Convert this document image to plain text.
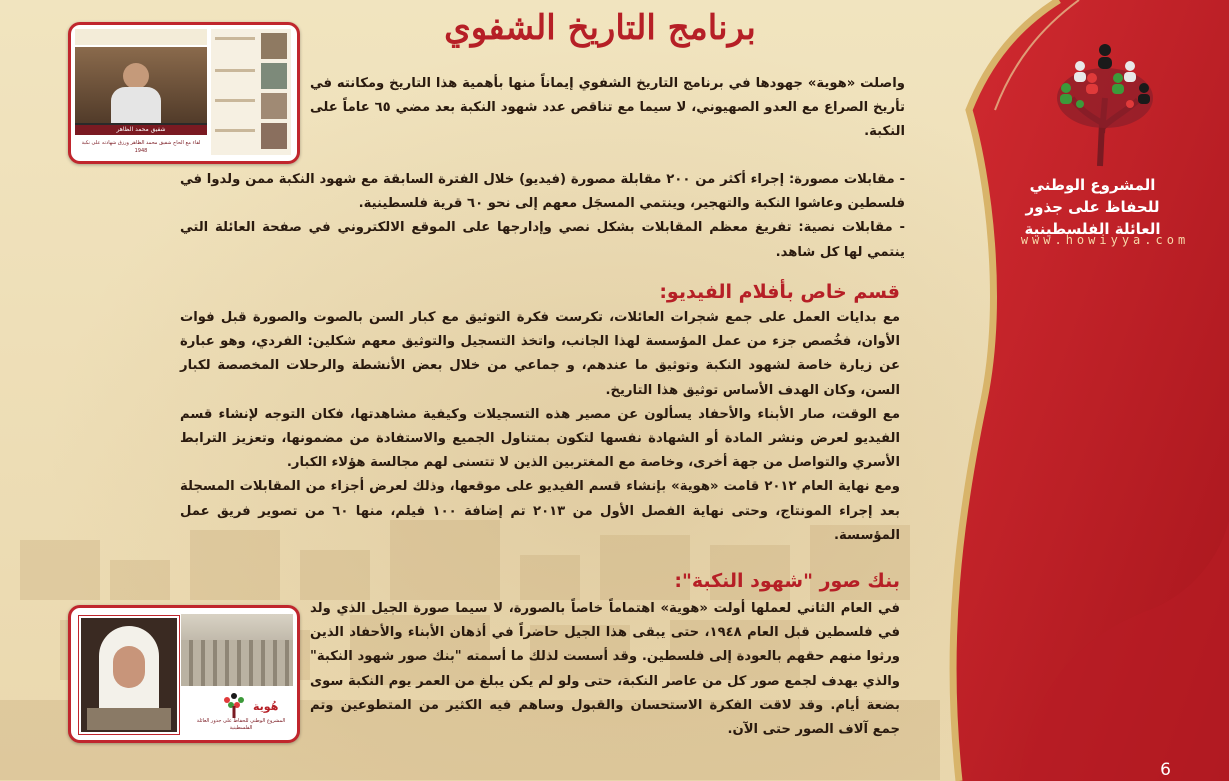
المشروع الوطني للحفاظ على جذور العائلة الفلسطينية
www.howiyya.com
برنامج التاريخ الشفوي
شفيق محمد الظاهر
لقاء مع الحاج شفيق محمد الظاهر ورزق شهادته على نكبة 1948

واصلت «هوية» جهودها في برنامج التاريخ الشفوي إيماناً منها بأهمية هذا التاريخ ومكانته في تأريخ الصراع مع العدو الصهيوني، لا سيما مع تناقص عدد شهود النكبة بعد مضي ٦٥ عاماً على النكبة.

- مقابلات مصورة: إجراء أكثر من ٢٠٠ مقابلة مصورة (فيديو) خلال الفترة السابقة مع شهود النكبة ممن ولدوا في فلسطين وعاشوا النكبة والتهجير، وينتمي المسجَل معهم إلى نحو ٦٠ قرية فلسطينية.

- مقابلات نصية: تفريغ معظم المقابلات بشكل نصي وإدارجها على الموقع الالكتروني في صفحة العائلة التي ينتمي لها كل شاهد.

قسم خاص بأفلام الفيديو:

مع بدايات العمل على جمع شجرات العائلات، تكرست فكرة التوثيق مع كبار السن بالصوت والصورة قبل فوات الأوان، فخُصص جزء من عمل المؤسسة لهذا الجانب، واتخذ التسجيل والتوثيق معهم شكلين: الفردي، وهو عبارة عن زيارة خاصة لشهود النكبة وتوثيق ما عندهم، و جماعي من خلال بعض الأنشطة والرحلات المخصصة لكبار السن، وكان الهدف الأساس توثيق هذا التاريخ.

مع الوقت، صار الأبناء والأحفاد يسألون عن مصير هذه التسجيلات وكيفية مشاهدتها، فكان التوجه لإنشاء قسم الفيديو لعرض ونشر المادة أو الشهادة نفسها لتكون بمتناول الجميع والاستفادة من مضمونها، وتعزيز الترابط الأسري والتواصل من جهة أخرى، وخاصة مع المغتربين الذين لا تتسنى لهم مجالسة هؤلاء الكبار.

ومع نهاية العام ٢٠١٢ قامت «هوية» بإنشاء قسم الفيديو على موقعها، وذلك لعرض أجزاء من المقابلات المسجلة بعد إجراء المونتاج، وحتى نهاية الفصل الأول من ٢٠١٣ تم إضافة ١٠٠ فيلم، منها ٦٠ من تصوير فريق عمل المؤسسة.

بنك صور "شهود النكبة":

في العام الثاني لعملها أولت «هوية» اهتماماً خاصاً بالصورة، لا سيما صورة الجيل الذي ولد في فلسطين قبل العام ١٩٤٨، حتى يبقى هذا الجيل حاضراً في أذهان الأبناء والأحفاد الذين ورثوا منهم حقهم بالعودة إلى فلسطين. وقد أسست لذلك ما أسمته "بنك صور شهود النكبة" والذي يهدف لجمع صور كل من عاصر النكبة، حتى ولو لم يكن يبلغ من العمر يوم النكبة سوى بضعة أيام. وقد لاقت الفكرة الاستحسان والقبول وساهم فيه الكثير من المتطوعين وتم جمع آلاف الصور حتى الآن.

هُوية
المشروع الوطني للحفاظ على جذور العائلة الفلسطينية
6
